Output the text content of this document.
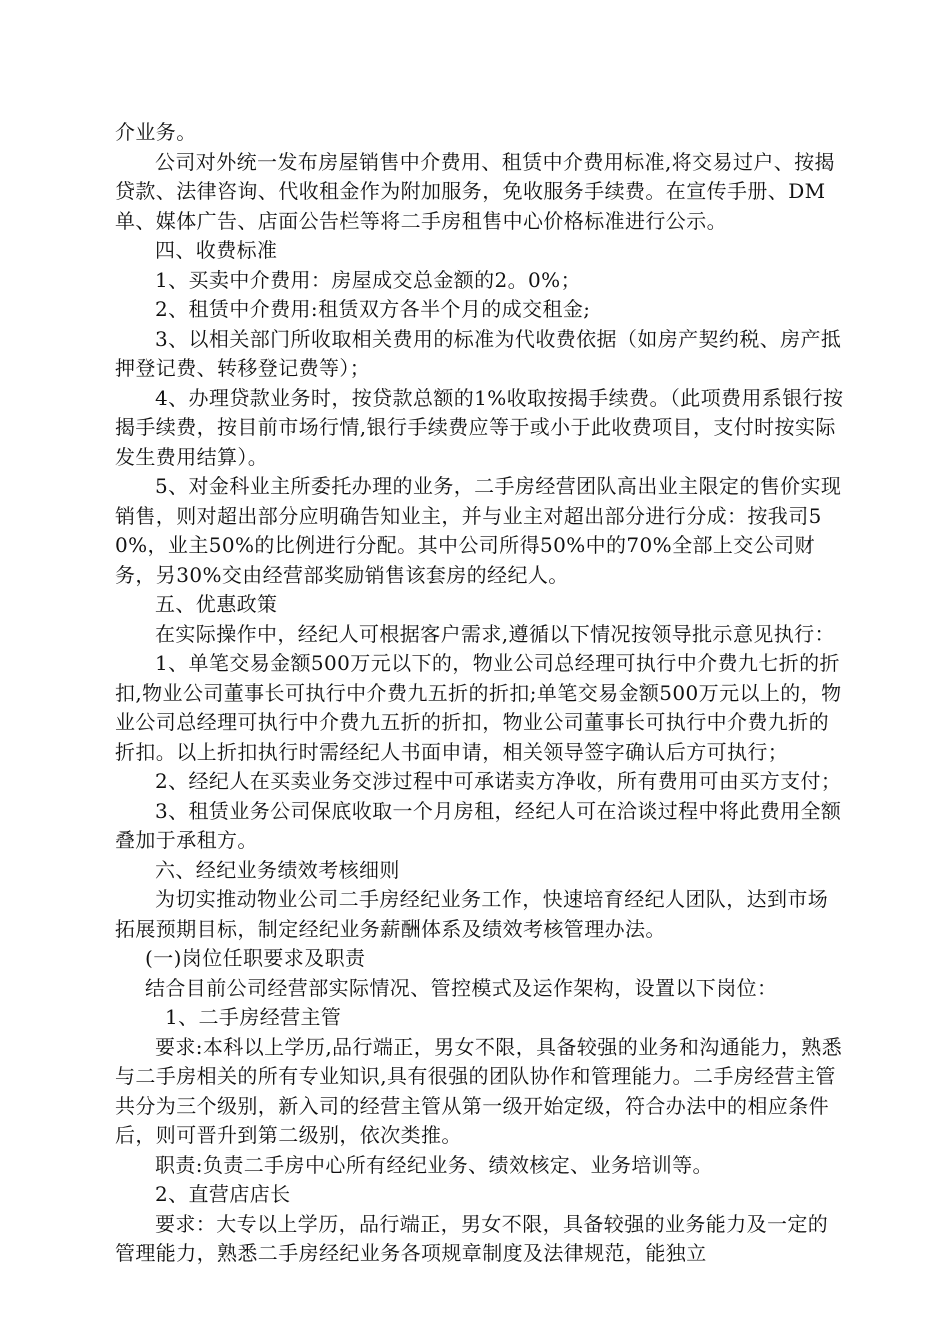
介业务。

公司对外统一发布房屋销售中介费用、租赁中介费用标准,将交易过户、按揭贷款、法律咨询、代收租金作为附加服务，免收服务手续费。在宣传手册、DM单、媒体广告、店面公告栏等将二手房租售中心价格标准进行公示。

四、收费标准

1、买卖中介费用：房屋成交总金额的2。0%；

2、租赁中介费用:租赁双方各半个月的成交租金;

3、以相关部门所收取相关费用的标准为代收费依据（如房产契约税、房产抵押登记费、转移登记费等）；

4、办理贷款业务时，按贷款总额的1%收取按揭手续费。（此项费用系银行按揭手续费，按目前市场行情,银行手续费应等于或小于此收费项目，支付时按实际发生费用结算）。

5、对金科业主所委托办理的业务，二手房经营团队高出业主限定的售价实现销售，则对超出部分应明确告知业主，并与业主对超出部分进行分成：按我司50%，业主50%的比例进行分配。其中公司所得50%中的70%全部上交公司财务，另30%交由经营部奖励销售该套房的经纪人。

五、优惠政策

在实际操作中，经纪人可根据客户需求,遵循以下情况按领导批示意见执行：

1、单笔交易金额500万元以下的，物业公司总经理可执行中介费九七折的折扣,物业公司董事长可执行中介费九五折的折扣;单笔交易金额500万元以上的，物业公司总经理可执行中介费九五折的折扣，物业公司董事长可执行中介费九折的折扣。以上折扣执行时需经纪人书面申请，相关领导签字确认后方可执行；

2、经纪人在买卖业务交涉过程中可承诺卖方净收，所有费用可由买方支付；

3、租赁业务公司保底收取一个月房租，经纪人可在洽谈过程中将此费用全额叠加于承租方。

六、经纪业务绩效考核细则

为切实推动物业公司二手房经纪业务工作，快速培育经纪人团队，达到市场拓展预期目标，制定经纪业务薪酬体系及绩效考核管理办法。

(一)岗位任职要求及职责

结合目前公司经营部实际情况、管控模式及运作架构，设置以下岗位：

1、二手房经营主管

要求:本科以上学历,品行端正，男女不限，具备较强的业务和沟通能力，熟悉

与二手房相关的所有专业知识,具有很强的团队协作和管理能力。二手房经营主管共分为三个级别，新入司的经营主管从第一级开始定级，符合办法中的相应条件后，则可晋升到第二级别，依次类推。

职责:负责二手房中心所有经纪业务、绩效核定、业务培训等。

2、直营店店长

要求：大专以上学历，品行端正，男女不限，具备较强的业务能力及一定的管理能力，熟悉二手房经纪业务各项规章制度及法律规范，能独立
